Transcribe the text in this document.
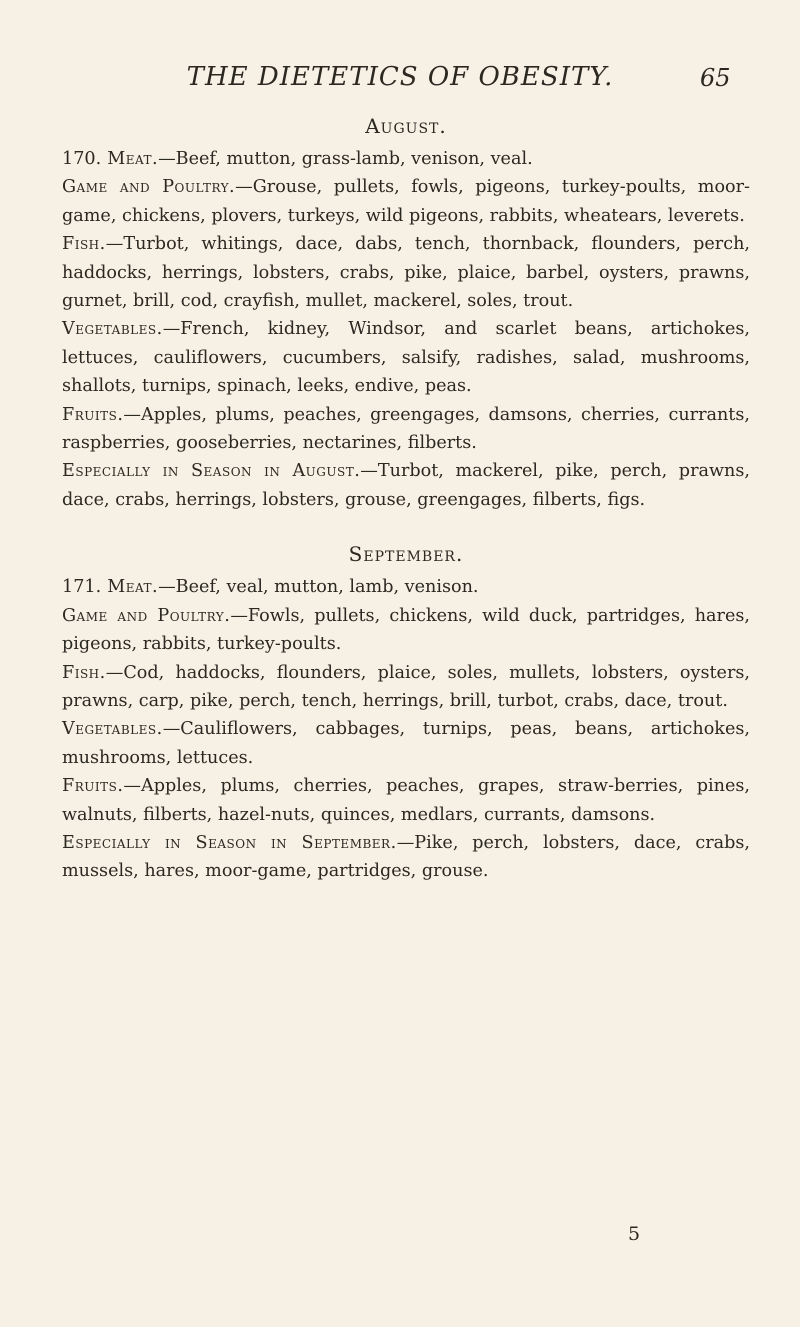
THE DIETETICS OF OBESITY.	65
August.

170. Meat.—Beef, mutton, grass-lamb, venison, veal.

Game and Poultry.—Grouse, pullets, fowls, pigeons, turkey-poults, moor-game, chickens, plovers, turkeys, wild pigeons, rabbits, wheatears, leverets.

Fish.—Turbot, whitings, dace, dabs, tench, thornback, flounders, perch, haddocks, herrings, lobsters, crabs, pike, plaice, barbel, oysters, prawns, gurnet, brill, cod, crayfish, mullet, mackerel, soles, trout.

Vegetables.—French, kidney, Windsor, and scarlet beans, artichokes, lettuces, cauliflowers, cucumbers, salsify, radishes, salad, mushrooms, shallots, turnips, spinach, leeks, endive, peas.

Fruits.—Apples, plums, peaches, greengages, damsons, cherries, currants, raspberries, gooseberries, nectarines, filberts.

Especially in Season in August.—Turbot, mackerel, pike, perch, prawns, dace, crabs, herrings, lobsters, grouse, greengages, filberts, figs.

September.

171. Meat.—Beef, veal, mutton, lamb, venison.

Game and Poultry.—Fowls, pullets, chickens, wild duck, partridges, hares, pigeons, rabbits, turkey-poults.

Fish.—Cod, haddocks, flounders, plaice, soles, mullets, lobsters, oysters, prawns, carp, pike, perch, tench, herrings, brill, turbot, crabs, dace, trout.

Vegetables.—Cauliflowers, cabbages, turnips, peas, beans, artichokes, mushrooms, lettuces.

Fruits.—Apples, plums, cherries, peaches, grapes, straw-berries, pines, walnuts, filberts, hazel-nuts, quinces, medlars, currants, damsons.

Especially in Season in September.—Pike, perch, lobsters, dace, crabs, mussels, hares, moor-game, partridges, grouse.

5
